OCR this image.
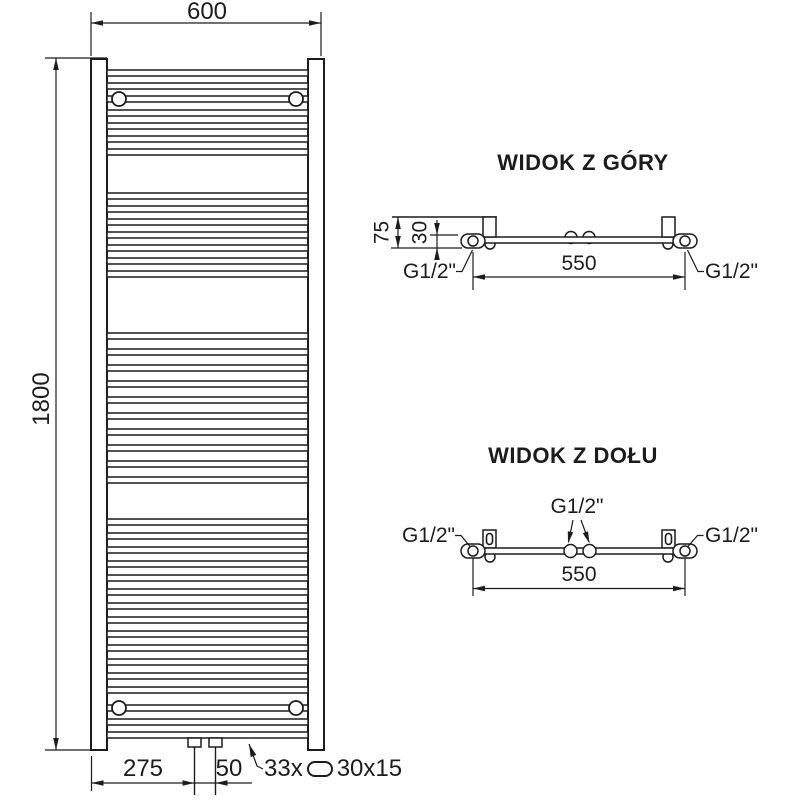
600
1800
275	50 33x 30x15
WIDOK Z GÓRY
75 30
550
G1/2"	G1/2"
WIDOK Z DOŁU
G1/2"
G1/2"	G1/2"
550
